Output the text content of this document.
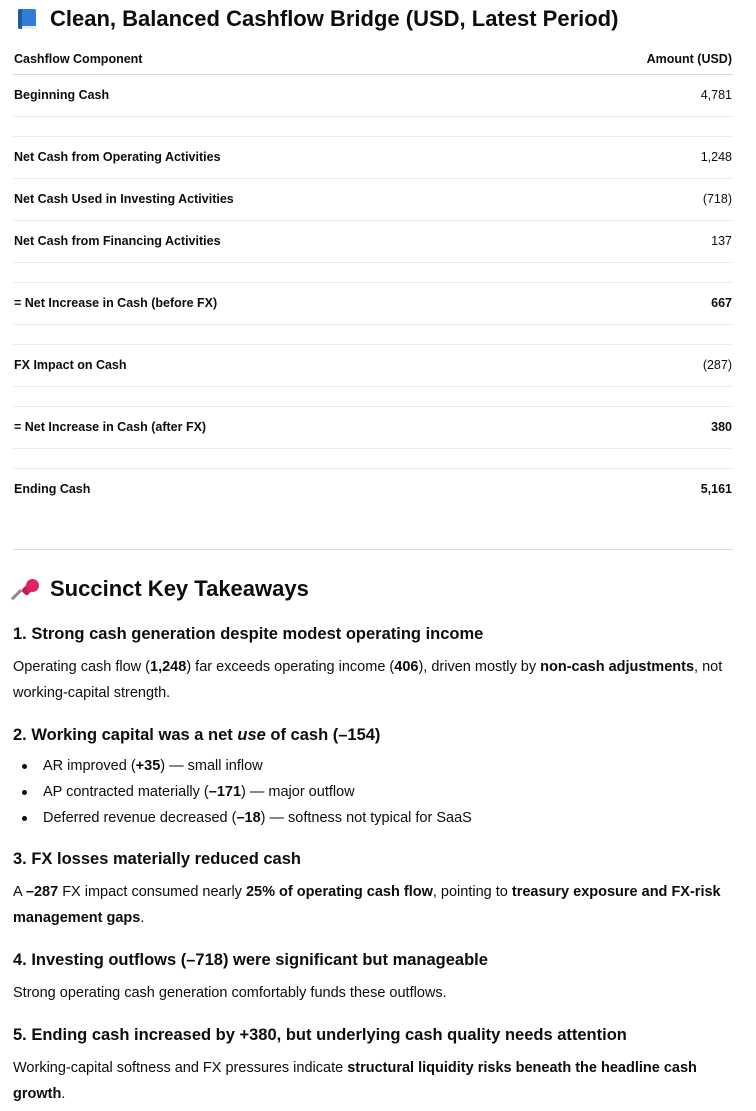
Clean, Balanced Cashflow Bridge (USD, Latest Period)
Cashflow Component	Amount (USD)
Beginning Cash	4,781

Net Cash from Operating Activities	1,248
Net Cash Used in Investing Activities	(718)
Net Cash from Financing Activities	137

= Net Increase in Cash (before FX)	667

FX Impact on Cash	(287)

= Net Increase in Cash (after FX)	380

Ending Cash	5,161
Succinct Key Takeaways
1. Strong cash generation despite modest operating income

Operating cash flow (1,248) far exceeds operating income (406), driven mostly by non-cash adjustments, not working-capital strength.

2. Working capital was a net use of cash (–154)
AR improved (+35) — small inflow
AP contracted materially (–171) — major outflow
Deferred revenue decreased (–18) — softness not typical for SaaS
3. FX losses materially reduced cash

A –287 FX impact consumed nearly 25% of operating cash flow, pointing to treasury exposure and FX-risk management gaps.

4. Investing outflows (–718) were significant but manageable

Strong operating cash generation comfortably funds these outflows.

5. Ending cash increased by +380, but underlying cash quality needs attention

Working-capital softness and FX pressures indicate structural liquidity risks beneath the headline cash growth.
